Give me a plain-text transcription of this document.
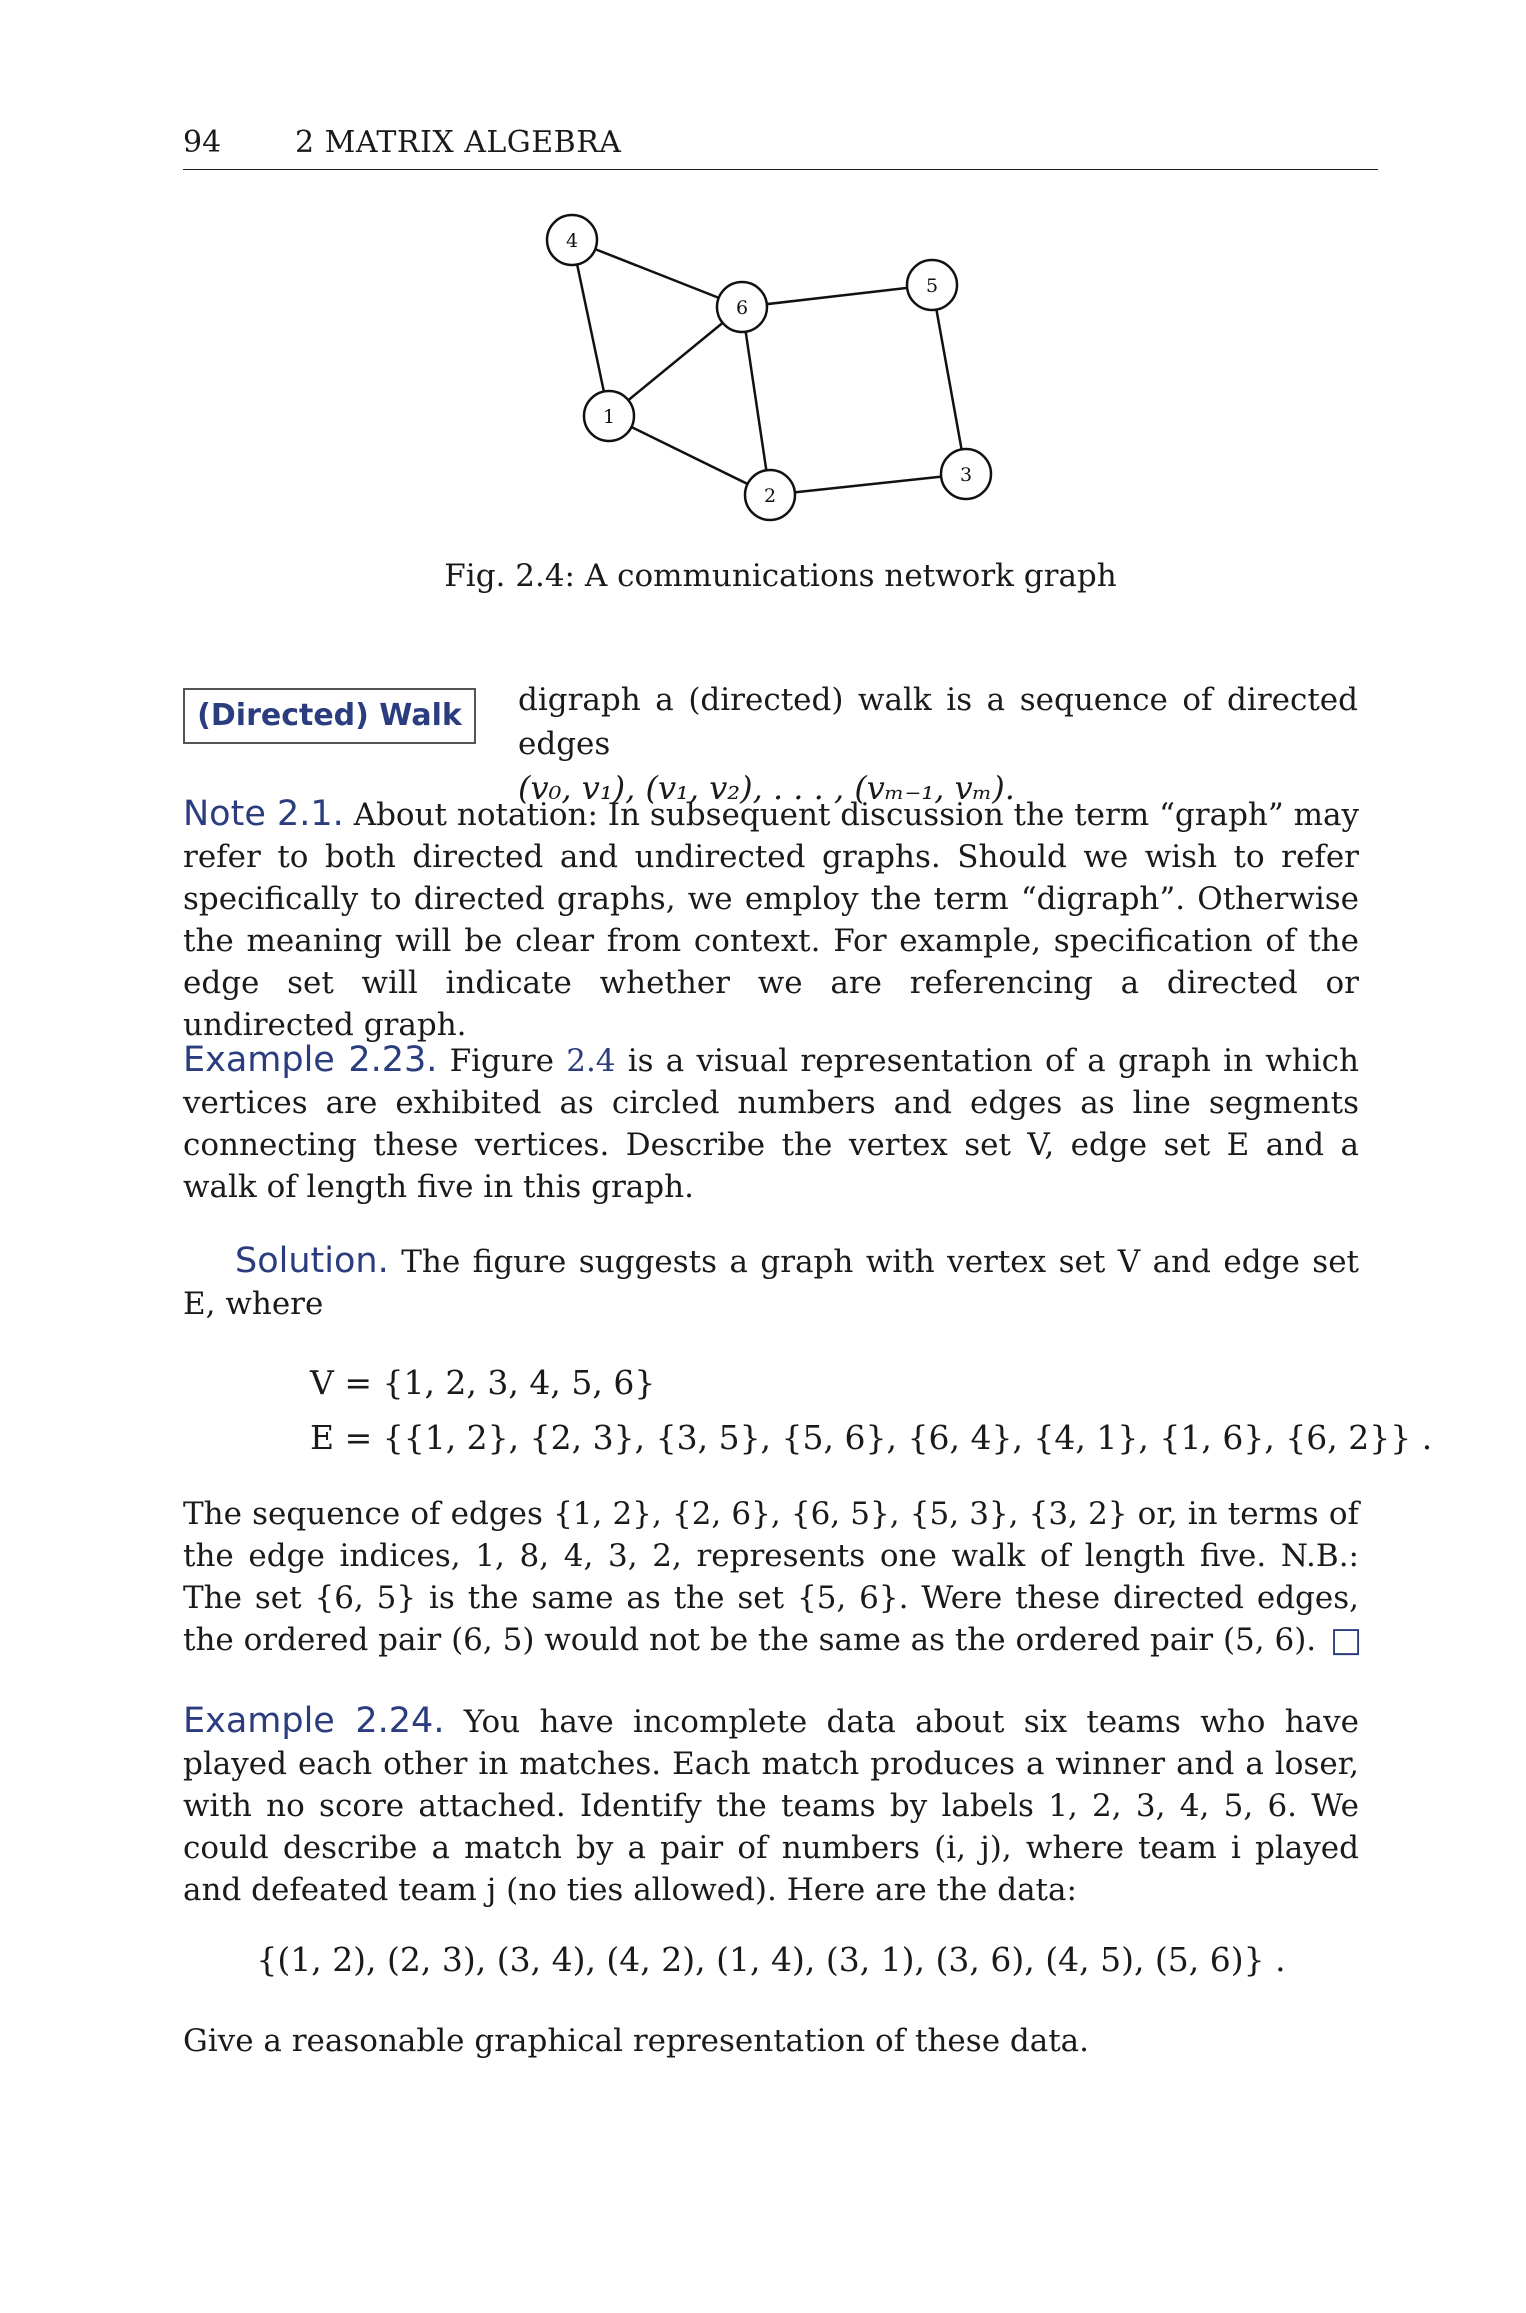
94 2 MATRIX ALGEBRA
4
6
5
1
3
2
Fig. 2.4: A communications network graph
(Directed) Walk	digraph a (directed) walk is a sequence of directed edges
(v₀, v₁), (v₁, v₂), . . . , (vₘ₋₁, vₘ).
Note 2.1. About notation: In subsequent discussion the term “graph” may refer to both directed and undirected graphs. Should we wish to refer specifically to directed graphs, we employ the term “digraph”. Otherwise the meaning will be clear from context. For example, specification of the edge set will indicate whether we are referencing a directed or undirected graph.
Example 2.23. Figure 2.4 is a visual representation of a graph in which vertices are exhibited as circled numbers and edges as line segments connecting these vertices. Describe the vertex set V, edge set E and a walk of length five in this graph.
Solution. The figure suggests a graph with vertex set V and edge set E, where
V = {1, 2, 3, 4, 5, 6}
E = {{1, 2}, {2, 3}, {3, 5}, {5, 6}, {6, 4}, {4, 1}, {1, 6}, {6, 2}} .
The sequence of edges {1, 2}, {2, 6}, {6, 5}, {5, 3}, {3, 2} or, in terms of the edge indices, 1, 8, 4, 3, 2, represents one walk of length five. N.B.: The set {6, 5} is the same as the set {5, 6}. Were these directed edges, the ordered pair (6, 5) would not be the same as the ordered pair (5, 6). □
Example 2.24. You have incomplete data about six teams who have played each other in matches. Each match produces a winner and a loser, with no score attached. Identify the teams by labels 1, 2, 3, 4, 5, 6. We could describe a match by a pair of numbers (i, j), where team i played and defeated team j (no ties allowed). Here are the data:
{(1, 2), (2, 3), (3, 4), (4, 2), (1, 4), (3, 1), (3, 6), (4, 5), (5, 6)} .
Give a reasonable graphical representation of these data.
